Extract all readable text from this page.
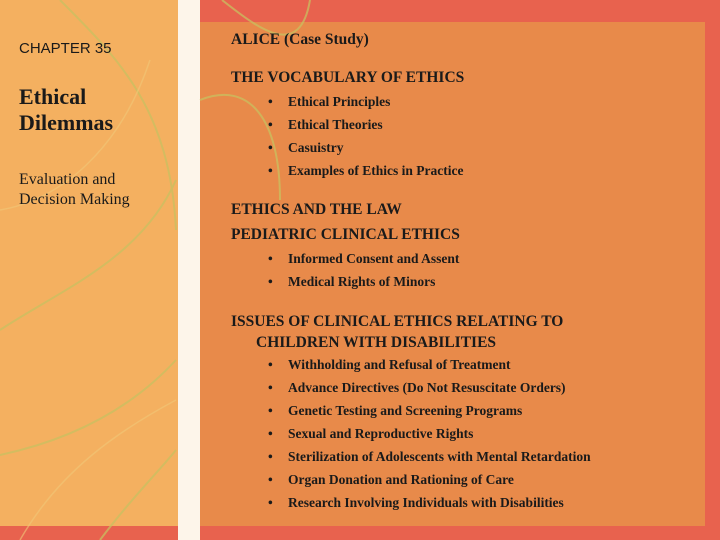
CHAPTER 35
Ethical
Dilemmas
Evaluation and
Decision Making
ALICE (Case Study)
THE VOCABULARY OF ETHICS
• Ethical Principles
• Ethical Theories
• Casuistry
• Examples of Ethics in Practice
ETHICS AND THE LAW
PEDIATRIC CLINICAL ETHICS
• Informed Consent and Assent
• Medical Rights of Minors
ISSUES OF CLINICAL ETHICS RELATING TO
CHILDREN WITH DISABILITIES
• Withholding and Refusal of Treatment
• Advance Directives (Do Not Resuscitate Orders)
• Genetic Testing and Screening Programs
• Sexual and Reproductive Rights
• Sterilization of Adolescents with Mental Retardation
• Organ Donation and Rationing of Care
• Research Involving Individuals with Disabilities
